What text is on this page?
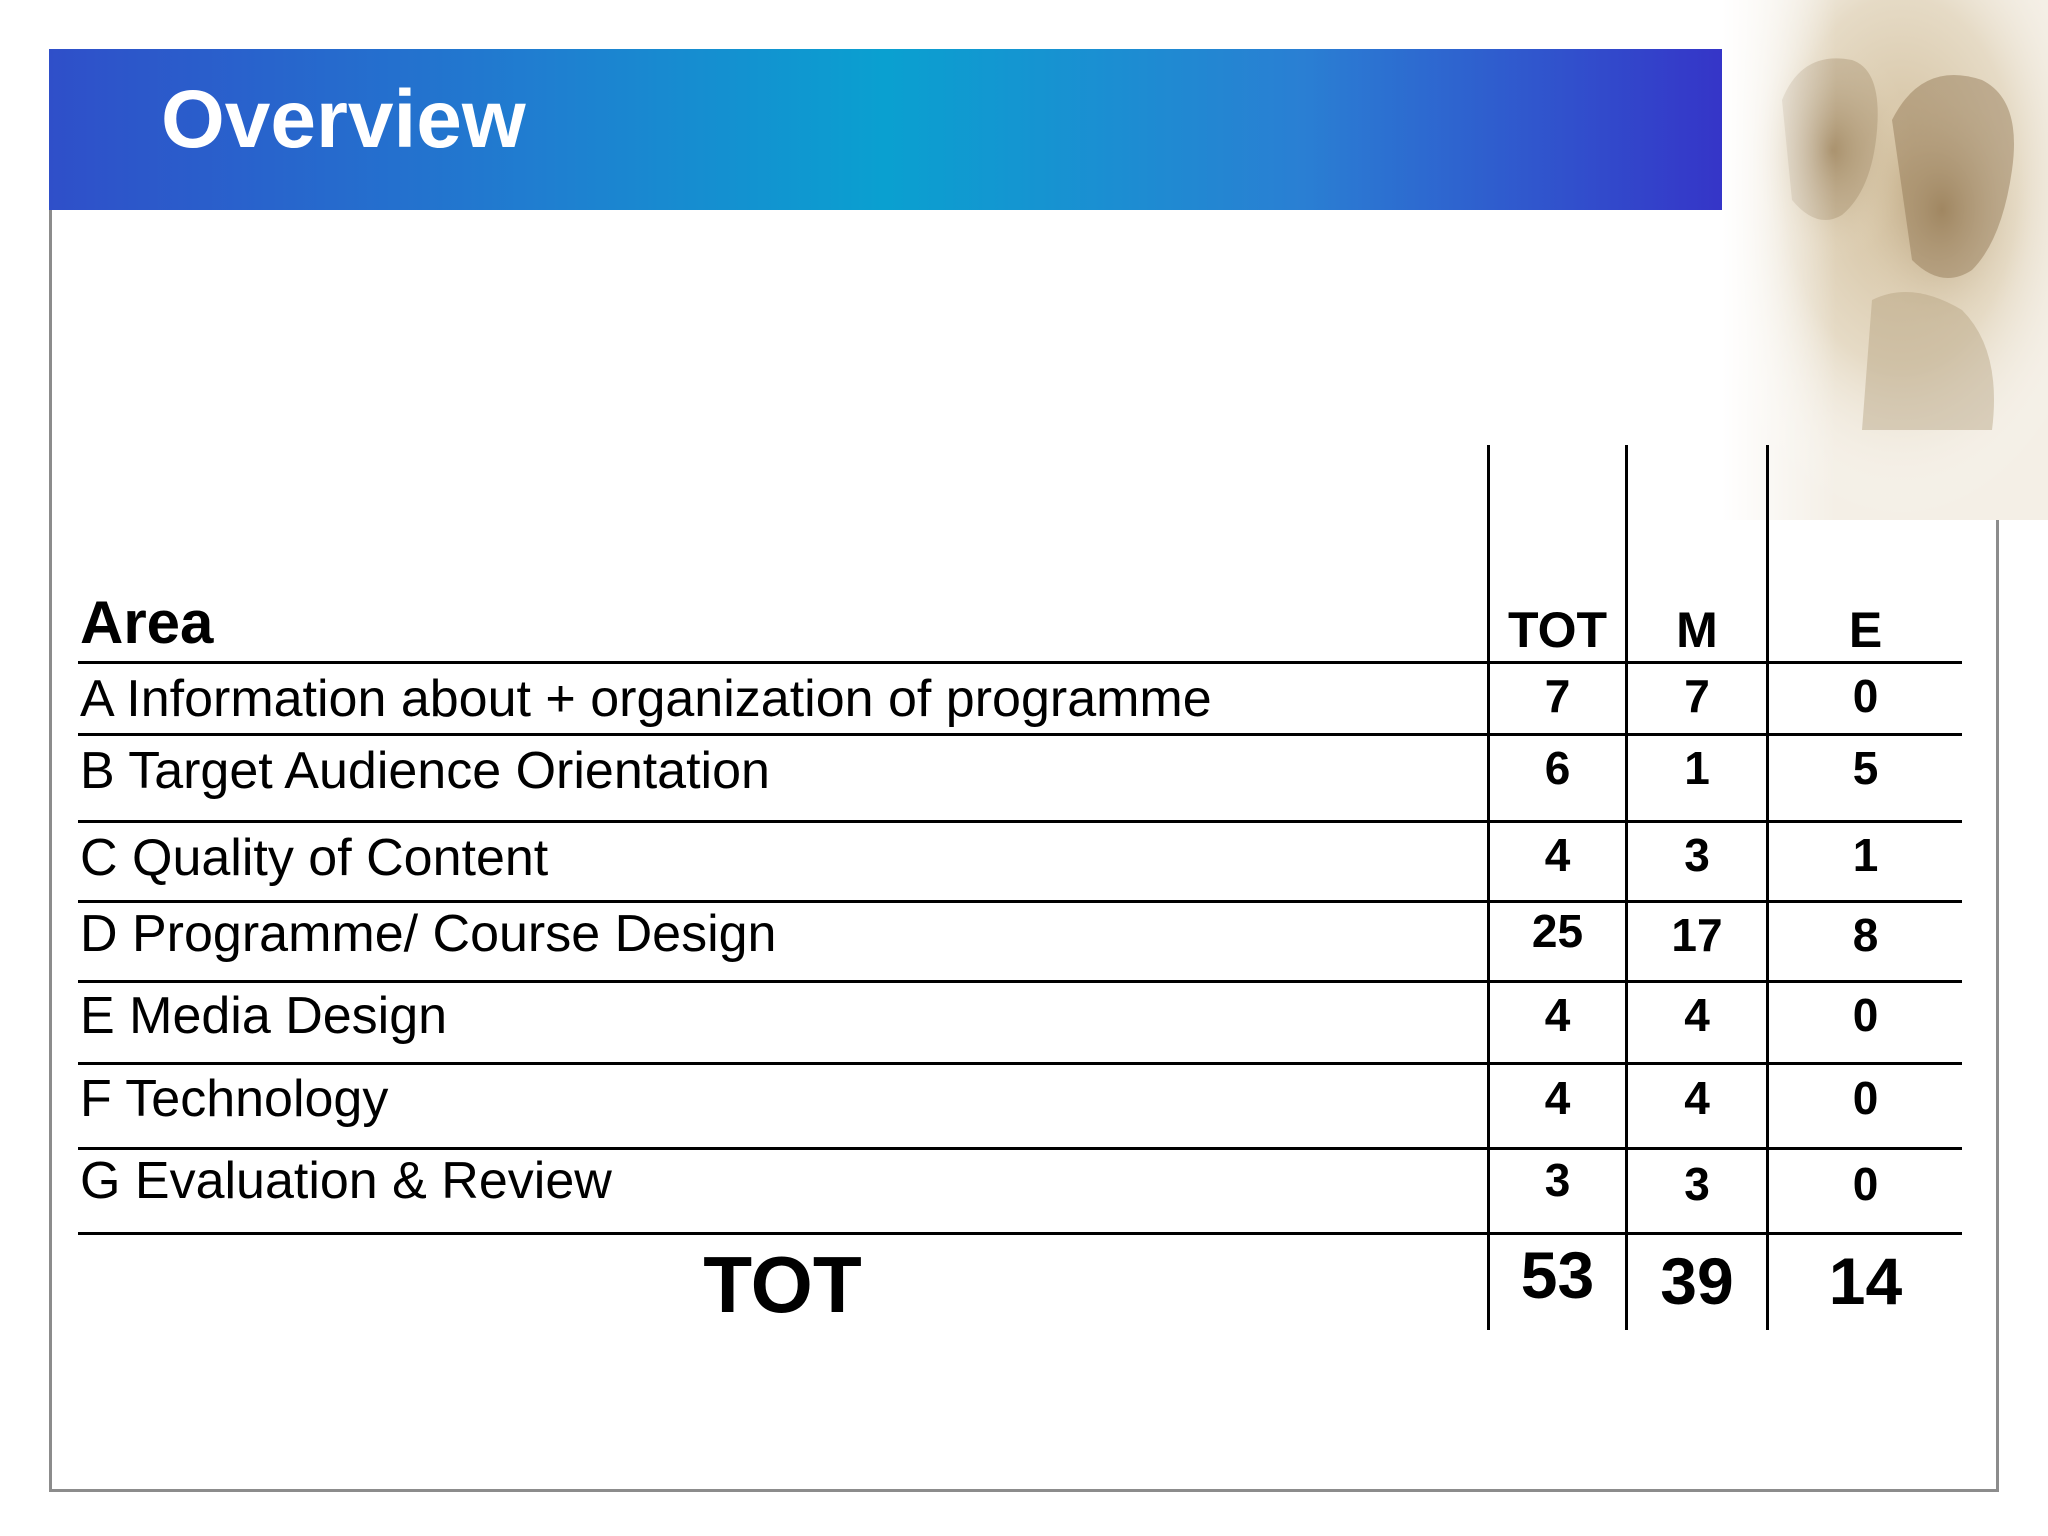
Overview
Area	TOT	M	E
A Information about + organization of programme	7	7	0
B Target Audience Orientation	6	1	5
C Quality of Content	4	3	1
D Programme/ Course Design	25	17	8
E Media Design	4	4	0
F Technology	4	4	0
G Evaluation & Review	3	3	0
TOT	53	39	14
